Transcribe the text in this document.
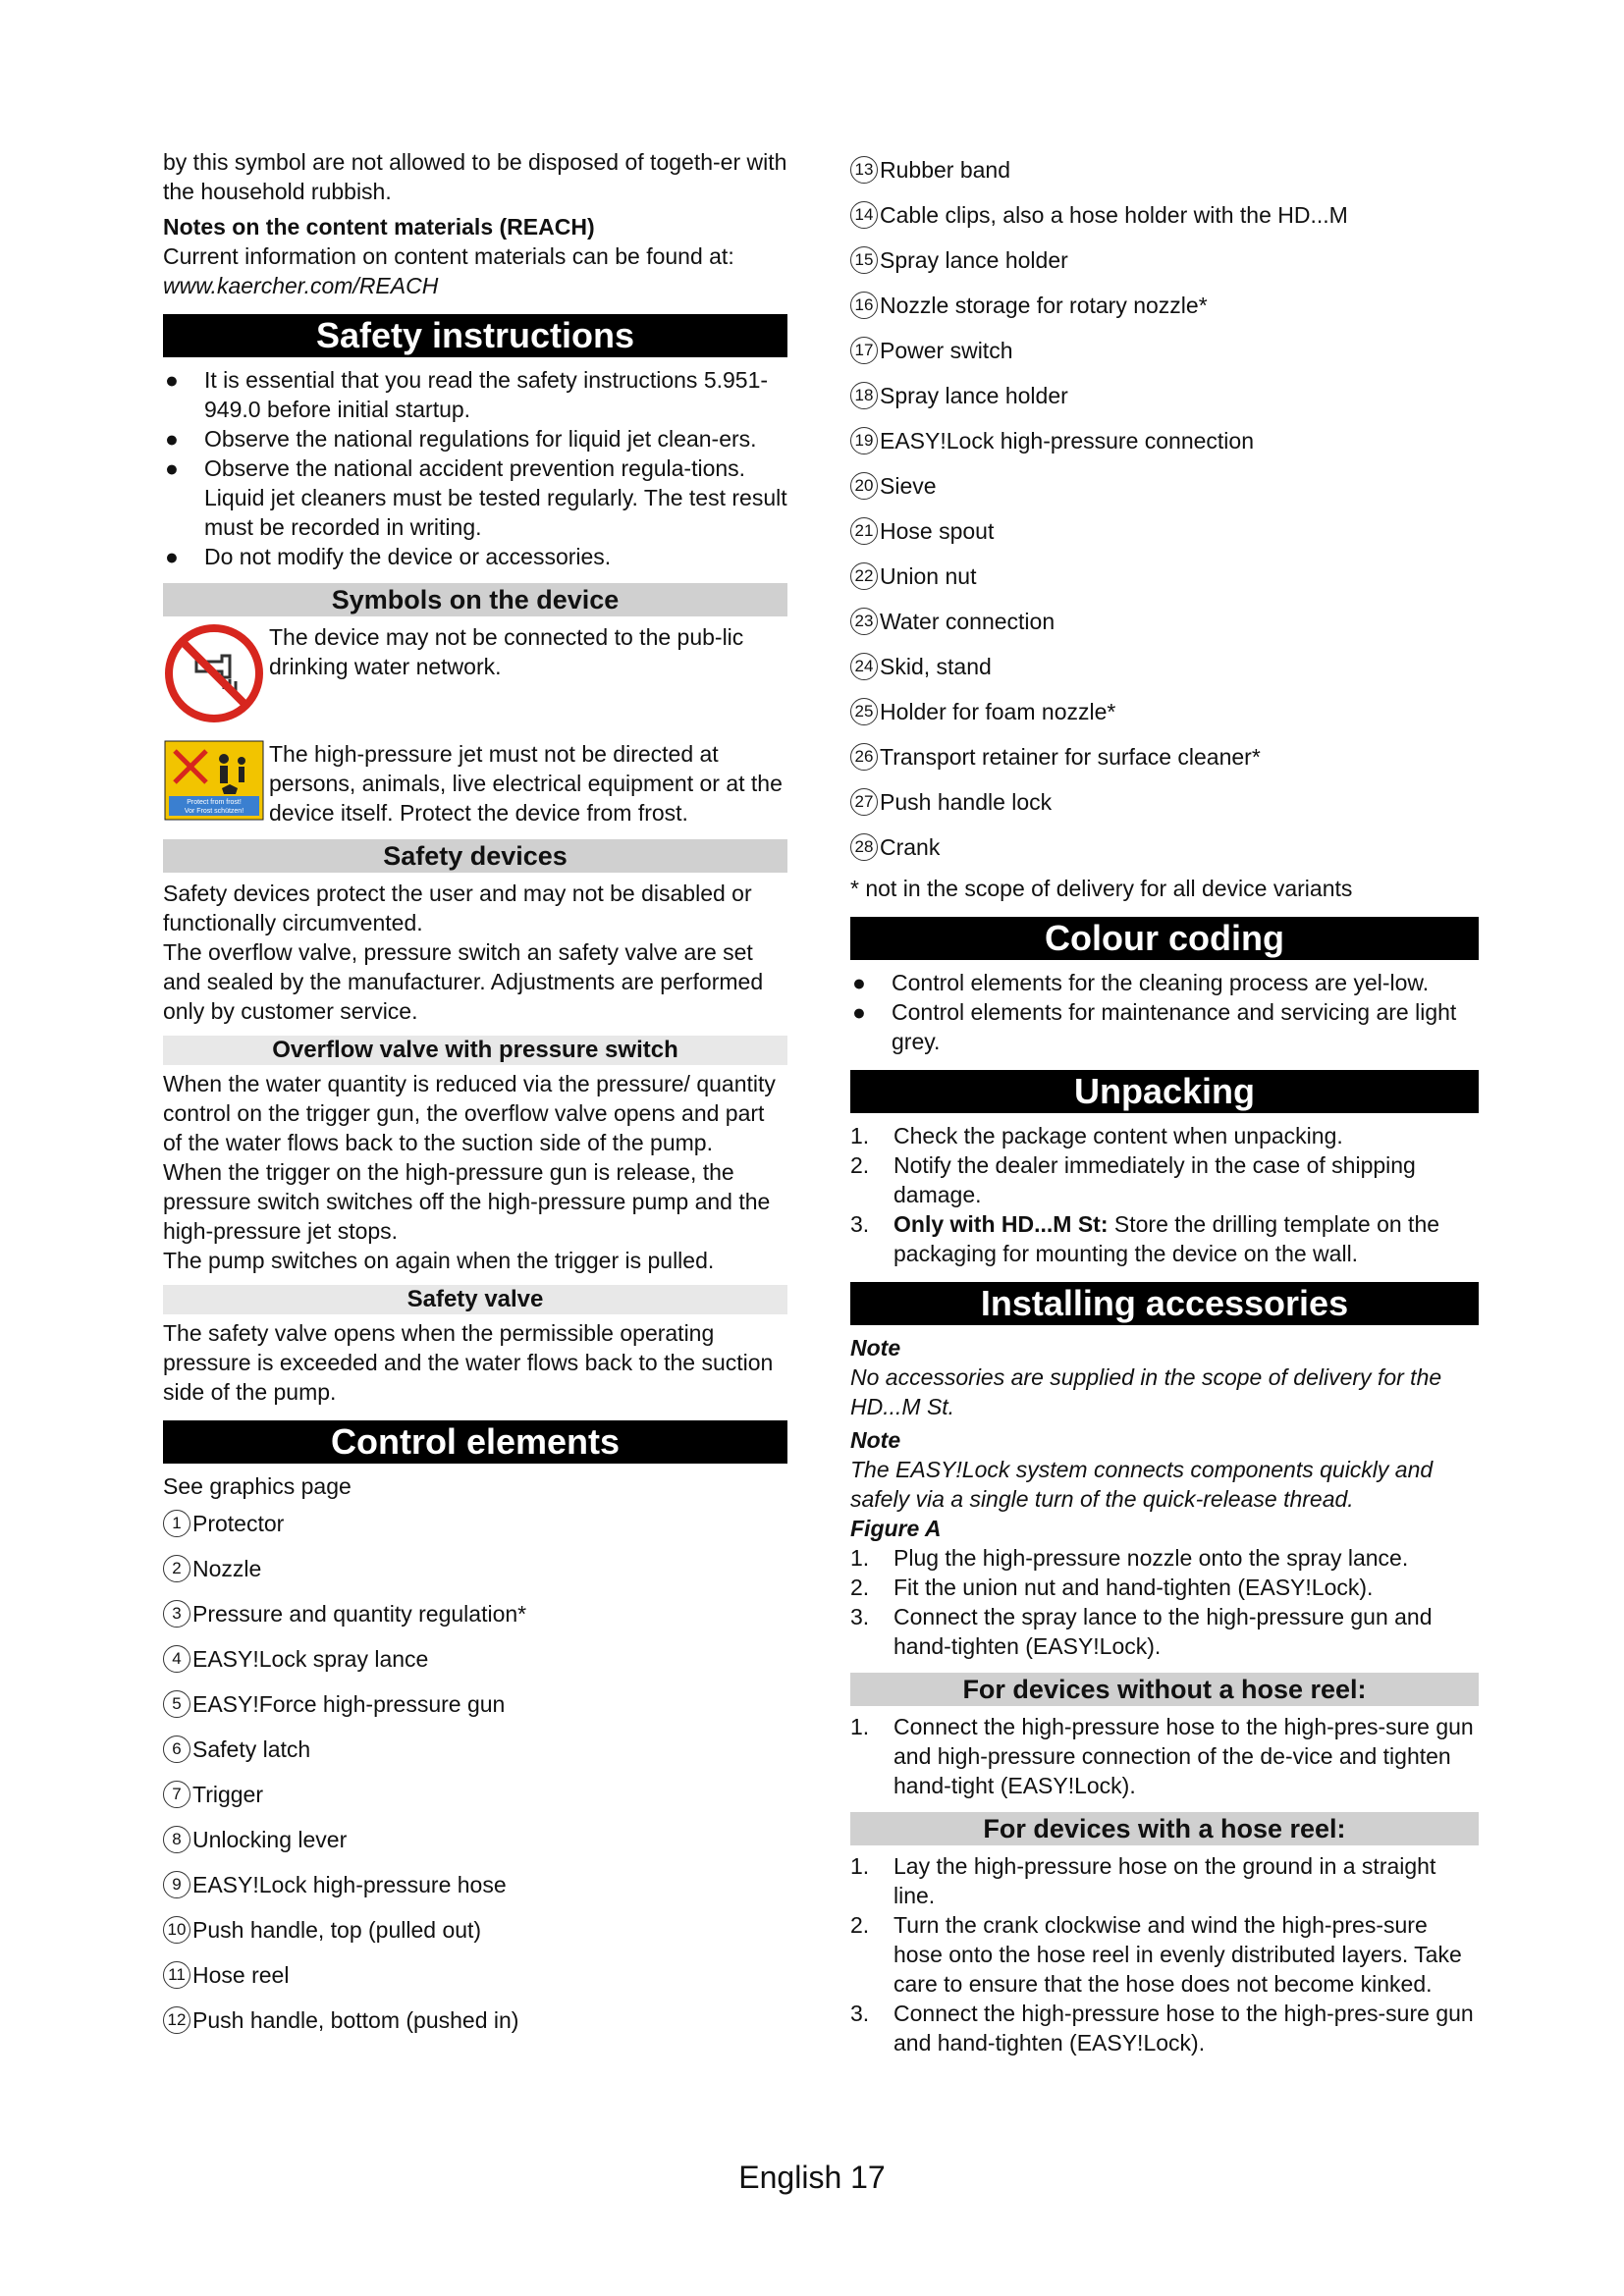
by this symbol are not allowed to be disposed of togeth-er with the household rubbish.

Notes on the content materials (REACH)

Current information on content materials can be found at: www.kaercher.com/REACH

Safety instructions
● It is essential that you read the safety instructions 5.951-949.0 before initial startup.
● Observe the national regulations for liquid jet clean-ers.
● Observe the national accident prevention regula-tions. Liquid jet cleaners must be tested regularly. The test result must be recorded in writing.
● Do not modify the device or accessories.
Symbols on the device

The device may not be connected to the pub-lic drinking water network.

Protect from frost!
Vor Frost schützen!

The high-pressure jet must not be directed at persons, animals, live electrical equipment or at the device itself. Protect the device from frost.

Safety devices

Safety devices protect the user and may not be disabled or functionally circumvented.

The overflow valve, pressure switch an safety valve are set and sealed by the manufacturer. Adjustments are performed only by customer service.

Overflow valve with pressure switch

When the water quantity is reduced via the pressure/ quantity control on the trigger gun, the overflow valve opens and part of the water flows back to the suction side of the pump.

When the trigger on the high-pressure gun is release, the pressure switch switches off the high-pressure pump and the high-pressure jet stops.

The pump switches on again when the trigger is pulled.

Safety valve

The safety valve opens when the permissible operating pressure is exceeded and the water flows back to the suction side of the pump.

Control elements

See graphics page

1 Protector
2 Nozzle
3 Pressure and quantity regulation*
4 EASY!Lock spray lance
5 EASY!Force high-pressure gun
6 Safety latch
7 Trigger
8 Unlocking lever
9 EASY!Lock high-pressure hose
10 Push handle, top (pulled out)
11 Hose reel
12 Push handle, bottom (pushed in)
13 Rubber band
14 Cable clips, also a hose holder with the HD...M
15 Spray lance holder
16 Nozzle storage for rotary nozzle*
17 Power switch
18 Spray lance holder
19 EASY!Lock high-pressure connection
20 Sieve
21 Hose spout
22 Union nut
23 Water connection
24 Skid, stand
25 Holder for foam nozzle*
26 Transport retainer for surface cleaner*
27 Push handle lock
28 Crank

* not in the scope of delivery for all device variants

Colour coding
● Control elements for the cleaning process are yel-low.
● Control elements for maintenance and servicing are light grey.
Unpacking
1. Check the package content when unpacking.
2. Notify the dealer immediately in the case of shipping damage.
3. Only with HD...M St: Store the drilling template on the packaging for mounting the device on the wall.
Installing accessories

Note

No accessories are supplied in the scope of delivery for the HD...M St.

Note

The EASY!Lock system connects components quickly and safely via a single turn of the quick-release thread.

Figure A

1. Plug the high-pressure nozzle onto the spray lance.
2. Fit the union nut and hand-tighten (EASY!Lock).
3. Connect the spray lance to the high-pressure gun and hand-tighten (EASY!Lock).
For devices without a hose reel:
1. Connect the high-pressure hose to the high-pres-sure gun and high-pressure connection of the de-vice and tighten hand-tight (EASY!Lock).
For devices with a hose reel:
1. Lay the high-pressure hose on the ground in a straight line.
2. Turn the crank clockwise and wind the high-pres-sure hose onto the hose reel in evenly distributed layers. Take care to ensure that the hose does not become kinked.
3. Connect the high-pressure hose to the high-pres-sure gun and hand-tighten (EASY!Lock).
English 17
